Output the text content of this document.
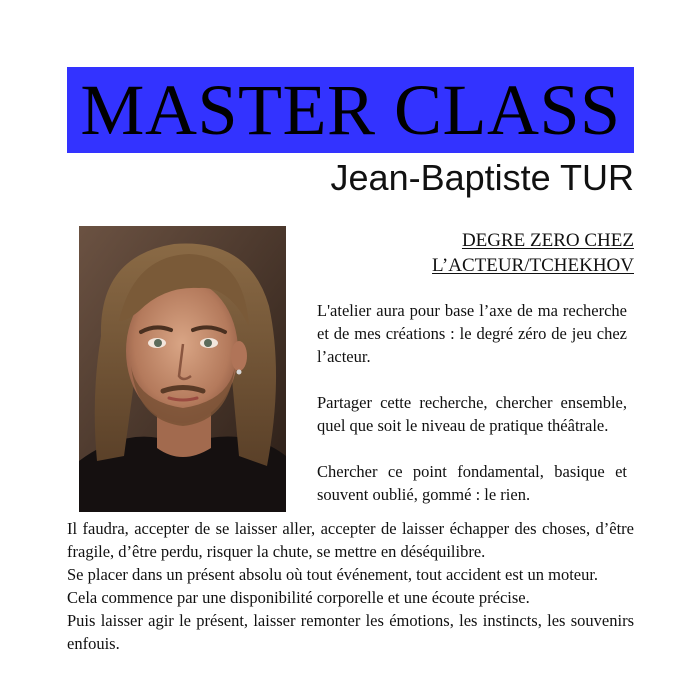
MASTER CLASS
Jean-Baptiste TUR
DEGRE ZERO CHEZ
L’ACTEUR/TCHEKHOV

L'atelier aura pour base l’axe de ma recherche et de mes créations : le degré zéro de jeu chez l’acteur.

Partager cette recherche, chercher ensemble, quel que soit le niveau de pratique théâtrale.

Chercher ce point fondamental, basique et souvent oublié, gommé : le rien.

Il faudra, accepter de se laisser aller, accepter de laisser échapper des choses, d’être fragile, d’être perdu, risquer la chute, se mettre en déséquilibre.

Se placer dans un présent absolu où tout événement, tout accident est un moteur.

Cela commence par une disponibilité corporelle et une écoute précise.

Puis laisser agir le présent, laisser remonter les émotions, les instincts, les souvenirs enfouis.
